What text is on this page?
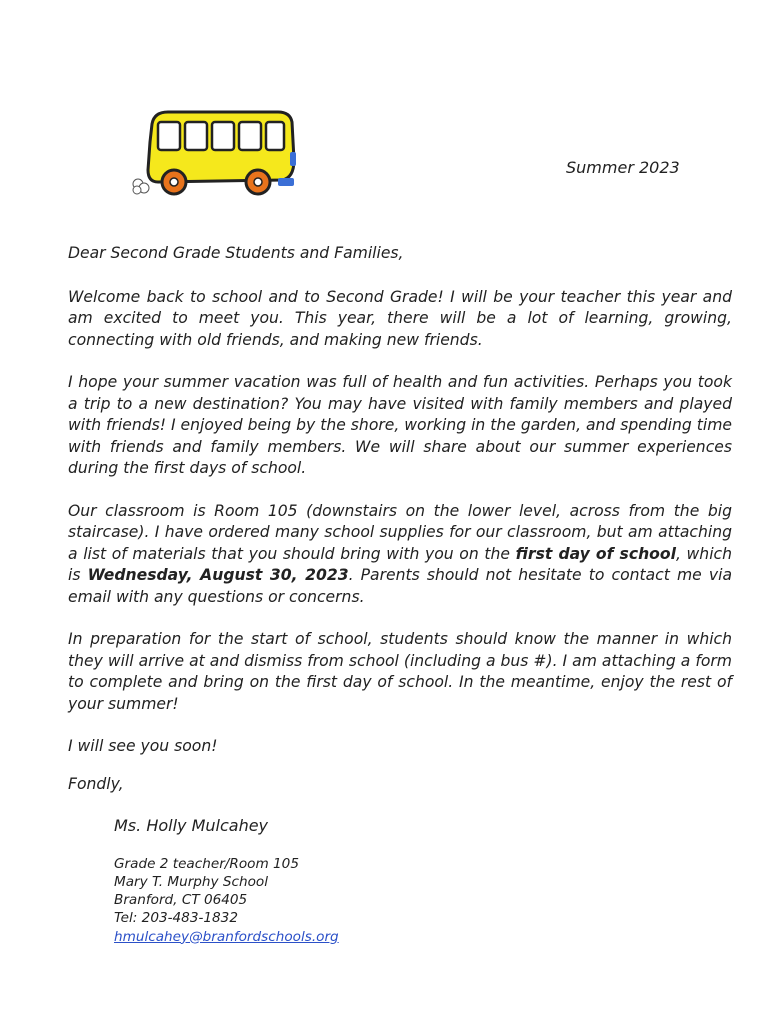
Summer 2023

Dear Second Grade Students and Families,

Welcome back to school and to Second Grade! I will be your teacher this year and am excited to meet you. This year, there will be a lot of learning, growing, connecting with old friends, and making new friends.

I hope your summer vacation was full of health and fun activities. Perhaps you took a trip to a new destination? You may have visited with family members and played with friends! I enjoyed being by the shore, working in the garden, and spending time with friends and family members. We will share about our summer experiences during the first days of school.

Our classroom is Room 105 (downstairs on the lower level, across from the big staircase). I have ordered many school supplies for our classroom, but am attaching a list of materials that you should bring with you on the first day of school, which is Wednesday, August 30, 2023. Parents should not hesitate to contact me via email with any questions or concerns.

In preparation for the start of school, students should know the manner in which they will arrive at and dismiss from school (including a bus #). I am attaching a form to complete and bring on the first day of school. In the meantime, enjoy the rest of your summer!

I will see you soon!

Fondly,

Ms. Holly Mulcahey
Grade 2 teacher/Room 105
Mary T. Murphy School
Branford, CT 06405
Tel: 203-483-1832
hmulcahey@branfordschools.org
